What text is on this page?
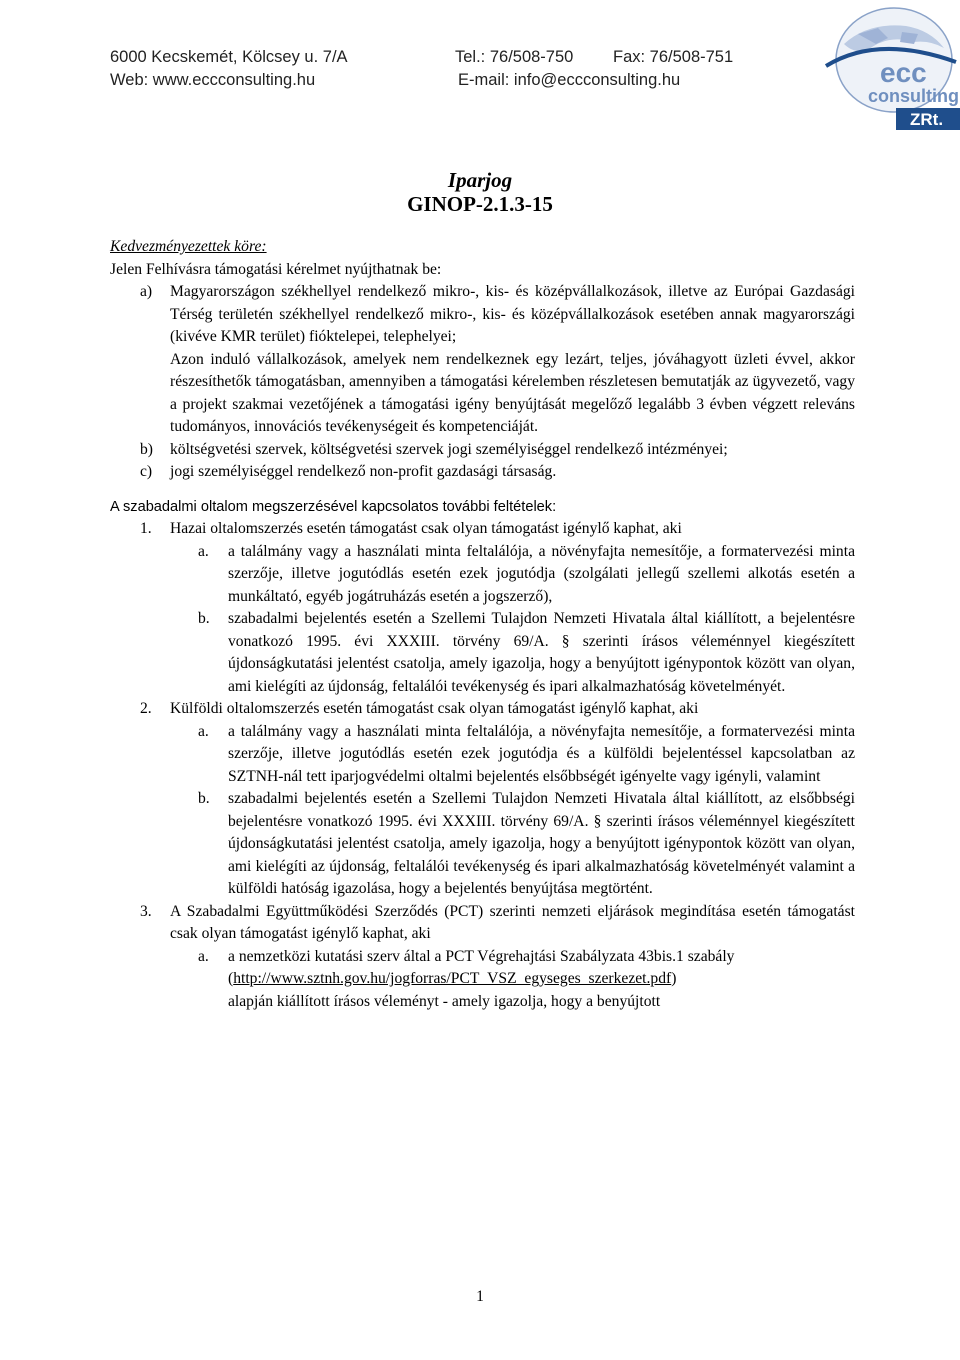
6000 Kecskemét, Kölcsey u. 7/A	Tel.: 76/508-750 Fax: 76/508-751
Web: www.eccconsulting.hu	E-mail: info@eccconsulting.hu	ecc
consulting
ZRt.
Iparjog
GINOP-2.1.3-15

Kedvezményezettek köre:

Jelen Felhívásra támogatási kérelmet nyújthatnak be:

a)	Magyarországon székhellyel rendelkező mikro-, kis- és középvállalkozások, illetve az Európai Gazdasági Térség területén székhellyel rendelkező mikro-, kis- és középvállalkozások esetében annak magyarországi (kivéve KMR terület) fióktelepei, telephelyei;

Azon induló vállalkozások, amelyek nem rendelkeznek egy lezárt, teljes, jóváhagyott üzleti évvel, akkor részesíthetők támogatásban, amennyiben a támogatási kérelemben részletesen bemutatják az ügyvezető, vagy a projekt szakmai vezetőjének a támogatási igény benyújtását megelőző legalább 3 évben végzett releváns tudományos, innovációs tevékenységeit és kompetenciáját.

b)	költségvetési szervek, költségvetési szervek jogi személyiséggel rendelkező intézményei;

c)	jogi személyiséggel rendelkező non-profit gazdasági társaság.

A szabadalmi oltalom megszerzésével kapcsolatos további feltételek:

1.	Hazai oltalomszerzés esetén támogatást csak olyan támogatást igénylő kaphat, aki

a.	a találmány vagy a használati minta feltalálója, a növényfajta nemesítője, a formatervezési minta szerzője, illetve jogutódlás esetén ezek jogutódja (szolgálati jellegű szellemi alkotás esetén a munkáltató, egyéb jogátruházás esetén a jogszerző),

b.	szabadalmi bejelentés esetén a Szellemi Tulajdon Nemzeti Hivatala által kiállított, a bejelentésre vonatkozó 1995. évi XXXIII. törvény 69/A. § szerinti írásos véleménnyel kiegészített újdonságkutatási jelentést csatolja, amely igazolja, hogy a benyújtott igénypontok között van olyan, ami kielégíti az újdonság, feltalálói tevékenység és ipari alkalmazhatóság követelményét.

2.	Külföldi oltalomszerzés esetén támogatást csak olyan támogatást igénylő kaphat, aki

a.	a találmány vagy a használati minta feltalálója, a növényfajta nemesítője, a formatervezési minta szerzője, illetve jogutódlás esetén ezek jogutódja és a külföldi bejelentéssel kapcsolatban az SZTNH-nál tett iparjogvédelmi oltalmi bejelentés elsőbbségét igényelte vagy igényli, valamint

b.	szabadalmi bejelentés esetén a Szellemi Tulajdon Nemzeti Hivatala által kiállított, az elsőbbségi bejelentésre vonatkozó 1995. évi XXXIII. törvény 69/A. § szerinti írásos véleménnyel kiegészített újdonságkutatási jelentést csatolja, amely igazolja, hogy a benyújtott igénypontok között van olyan, ami kielégíti az újdonság, feltalálói tevékenység és ipari alkalmazhatóság követelményét valamint a külföldi hatóság igazolása, hogy a bejelentés benyújtása megtörtént.

3.	A Szabadalmi Együttműködési Szerződés (PCT) szerinti nemzeti eljárások megindítása esetén támogatást csak olyan támogatást igénylő kaphat, aki

a.	a nemzetközi kutatási szerv által a PCT Végrehajtási Szabályzata 43bis.1 szabály

(http://www.sztnh.gov.hu/jogforras/PCT_VSZ_egyseges_szerkezet.pdf)

alapján kiállított írásos véleményt - amely igazolja, hogy a benyújtott

1
